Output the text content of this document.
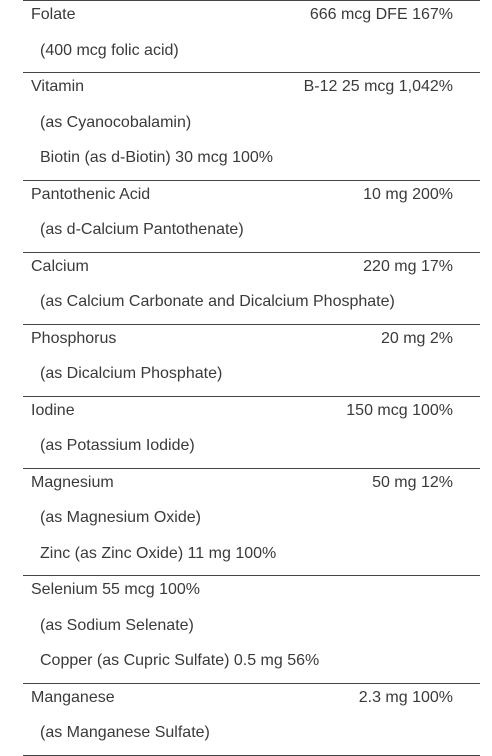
Folate	666 mcg DFE 167%
(400 mcg folic acid)
Vitamin	B-12 25 mcg 1,042%
(as Cyanocobalamin)
Biotin (as d-Biotin) 30 mcg 100%
Pantothenic Acid	10 mg 200%
(as d-Calcium Pantothenate)
Calcium	220 mg 17%
(as Calcium Carbonate and Dicalcium Phosphate)
Phosphorus	20 mg 2%
(as Dicalcium Phosphate)
Iodine	150 mcg 100%
(as Potassium Iodide)
Magnesium	50 mg 12%
(as Magnesium Oxide)
Zinc (as Zinc Oxide) 11 mg 100%
Selenium 55 mcg 100%
(as Sodium Selenate)
Copper (as Cupric Sulfate) 0.5 mg 56%
Manganese	2.3 mg 100%
(as Manganese Sulfate)
